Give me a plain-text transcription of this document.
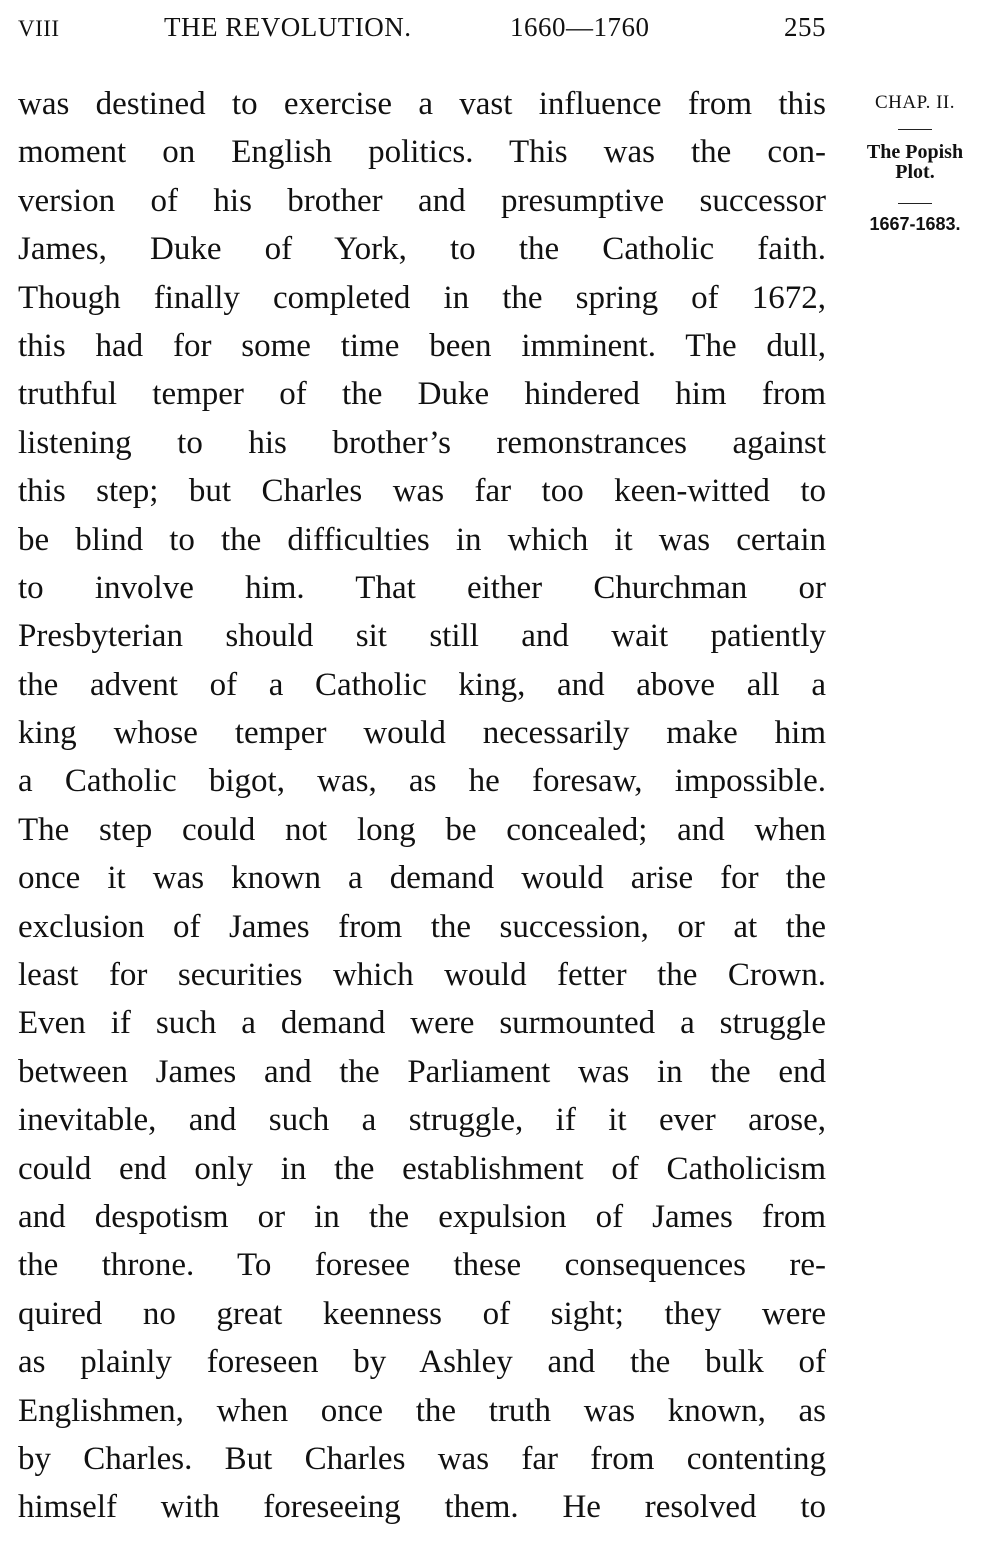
VIII	THE REVOLUTION.	1660—1760	255
CHAP. II.
The Popish
Plot.
1667-1683.
was destined to exercise a vast influence from this
moment on English politics. This was the con-
version of his brother and presumptive successor
James, Duke of York, to the Catholic faith.
Though finally completed in the spring of 1672,
this had for some time been imminent. The dull,
truthful temper of the Duke hindered him from
listening to his brother’s remonstrances against
this step; but Charles was far too keen-witted to
be blind to the difficulties in which it was certain
to involve him. That either Churchman or
Presbyterian should sit still and wait patiently
the advent of a Catholic king, and above all a
king whose temper would necessarily make him
a Catholic bigot, was, as he foresaw, impossible.
The step could not long be concealed; and when
once it was known a demand would arise for the
exclusion of James from the succession, or at the
least for securities which would fetter the Crown.
Even if such a demand were surmounted a struggle
between James and the Parliament was in the end
inevitable, and such a struggle, if it ever arose,
could end only in the establishment of Catholicism
and despotism or in the expulsion of James from
the throne. To foresee these consequences re-
quired no great keenness of sight; they were
as plainly foreseen by Ashley and the bulk of
Englishmen, when once the truth was known, as
by Charles. But Charles was far from contenting
himself with foreseeing them. He resolved to
